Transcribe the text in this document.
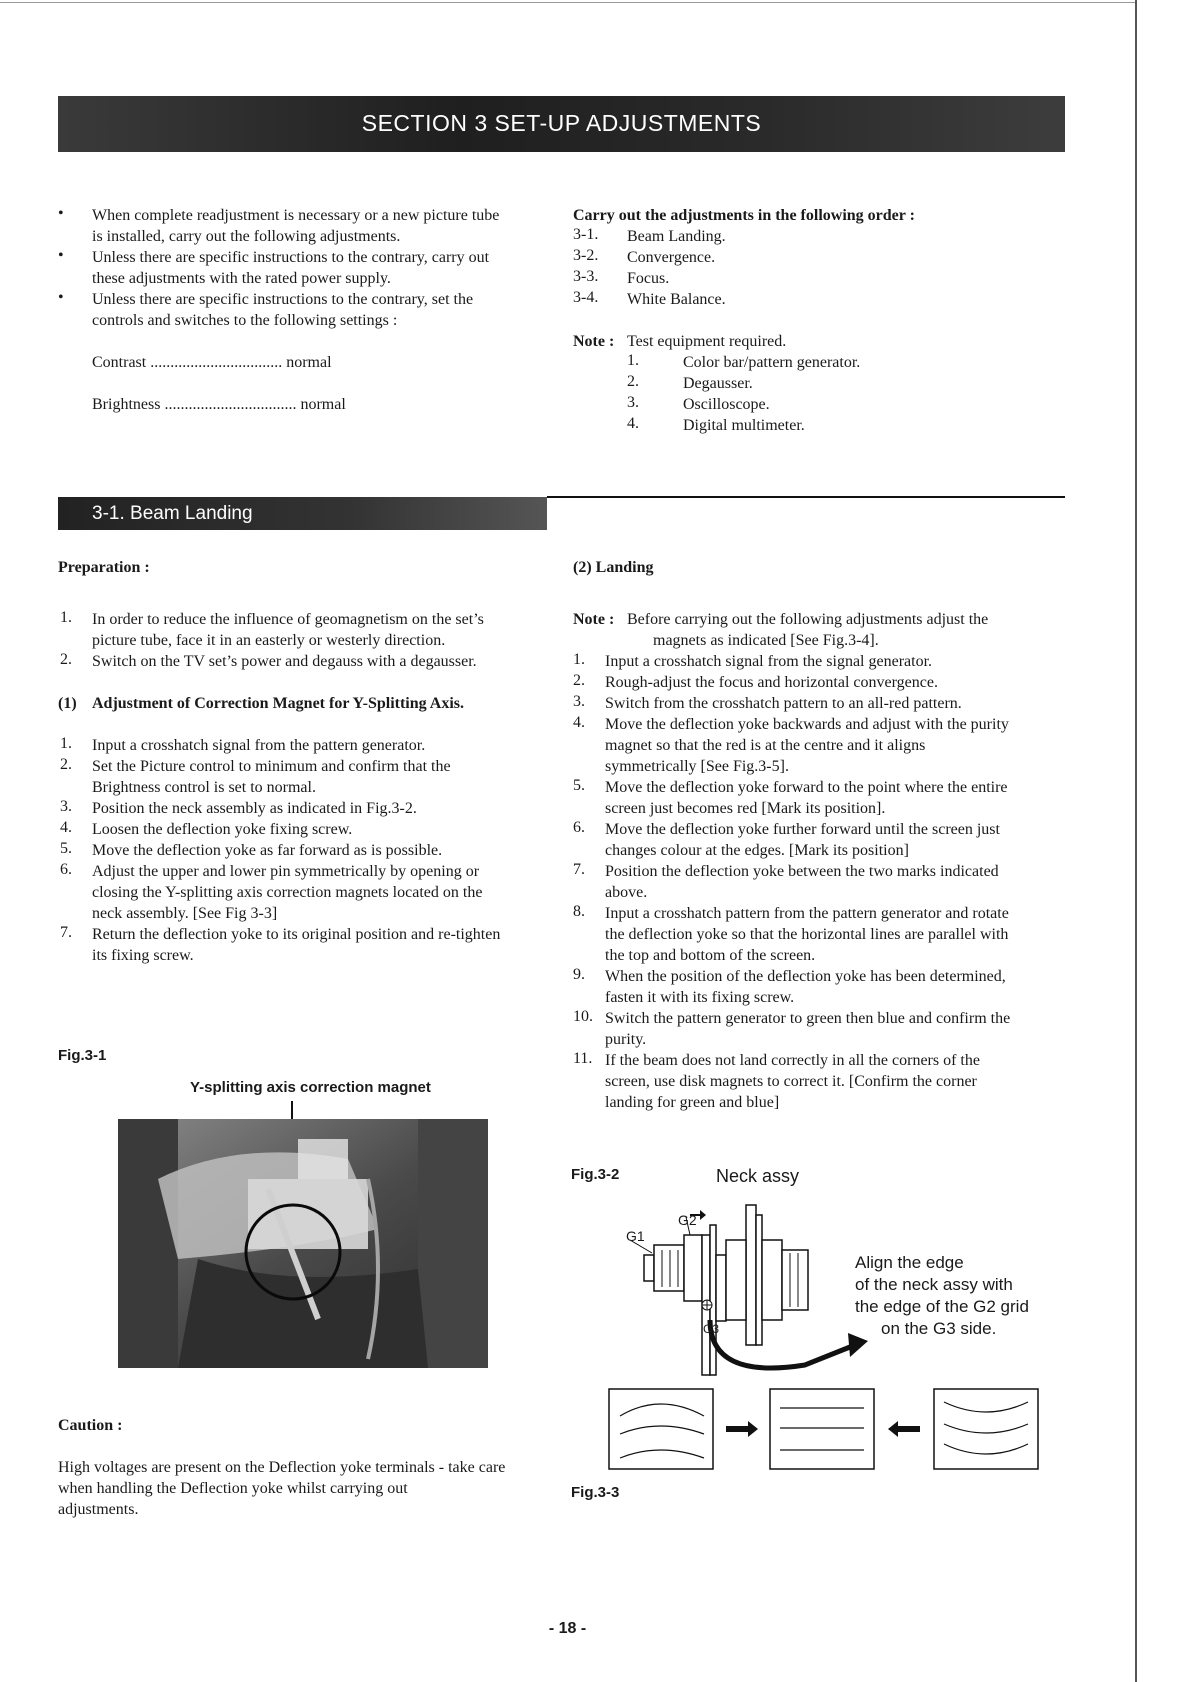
SECTION 3 SET-UP ADJUSTMENTS
• When complete readjustment is necessary or a new picture tube
is installed, carry out the following adjustments.
• Unless there are specific instructions to the contrary, carry out
these adjustments with the rated power supply.
• Unless there are specific instructions to the contrary, set the
controls and switches to the following settings :
Contrast ................................. normal
Brightness ................................. normal
Carry out the adjustments in the following order :
3-1. Beam Landing.
3-2. Convergence.
3-3. Focus.
3-4. White Balance.
Note : Test equipment required.
1.	Color bar/pattern generator.
2.	Degausser.
3.	Oscilloscope.
4.	Digital multimeter.
3-1. Beam Landing
Preparation :
1. In order to reduce the influence of geomagnetism on the set’s
picture tube, face it in an easterly or westerly direction.
2. Switch on the TV set’s power and degauss with a degausser.
(1) Adjustment of Correction Magnet for Y-Splitting Axis.
1. Input a crosshatch signal from the pattern generator.
2. Set the Picture control to minimum and confirm that the
Brightness control is set to normal.
3. Position the neck assembly as indicated in Fig.3-2.
4. Loosen the deflection yoke fixing screw.
5. Move the deflection yoke as far forward as is possible.
6. Adjust the upper and lower pin symmetrically by opening or
closing the Y-splitting axis correction magnets located on the
neck assembly. [See Fig 3-3]
7. Return the deflection yoke to its original position and re-tighten
its fixing screw.
(2) Landing
Note : Before carrying out the following adjustments adjust the
magnets as indicated [See Fig.3-4].
1. Input a crosshatch signal from the signal generator.
2. Rough-adjust the focus and horizontal convergence.
3. Switch from the crosshatch pattern to an all-red pattern.
4. Move the deflection yoke backwards and adjust with the purity
magnet so that the red is at the centre and it aligns
symmetrically [See Fig.3-5].
5. Move the deflection yoke forward to the point where the entire
screen just becomes red [Mark its position].
6. Move the deflection yoke further forward until the screen just
changes colour at the edges. [Mark its position]
7. Position the deflection yoke between the two marks indicated
above.
8. Input a crosshatch pattern from the pattern generator and rotate
the deflection yoke so that the horizontal lines are parallel with
the top and bottom of the screen.
9. When the position of the deflection yoke has been determined,
fasten it with its fixing screw.
10. Switch the pattern generator to green then blue and confirm the
purity.
11. If the beam does not land correctly in all the corners of the
screen, use disk magnets to correct it. [Confirm the corner
landing for green and blue]
Fig.3-1
Y-splitting axis correction magnet
Caution :
High voltages are present on the Deflection yoke terminals - take care
when handling the Deflection yoke whilst carrying out
adjustments.
Fig.3-2	Neck assy
G1
G2
G3
Align the edge
of the neck assy with
the edge of the G2 grid
on the G3 side.
Fig.3-3
- 18 -
